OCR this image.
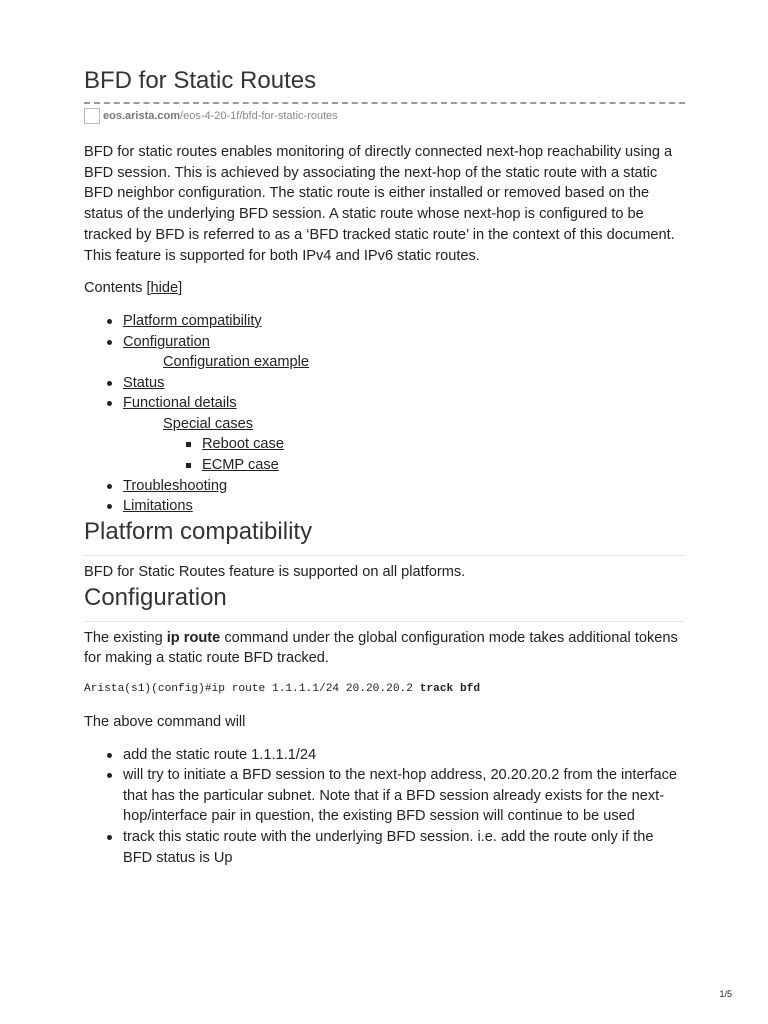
BFD for Static Routes
eos.arista.com /eos-4-20-1f/bfd-for-static-routes

BFD for static routes enables monitoring of directly connected next-hop reachability using a BFD session. This is achieved by associating the next-hop of the static route with a static BFD neighbor configuration. The static route is either installed or removed based on the status of the underlying BFD session. A static route whose next-hop is configured to be tracked by BFD is referred to as a ‘BFD tracked static route’ in the context of this document. This feature is supported for both IPv4 and IPv6 static routes.

Contents [hide]
Platform compatibility
Configuration
Configuration example
Status
Functional details
Special cases
Reboot case
ECMP case
Troubleshooting
Limitations
Platform compatibility

BFD for Static Routes feature is supported on all platforms.

Configuration

The existing ip route command under the global configuration mode takes additional tokens for making a static route BFD tracked.

Arista(s1)(config)#ip route 1.1.1.1/24 20.20.20.2 track bfd

The above command will

add the static route 1.1.1.1/24
will try to initiate a BFD session to the next-hop address, 20.20.20.2 from the interface that has the particular subnet. Note that if a BFD session already exists for the next-hop/interface pair in question, the existing BFD session will continue to be used
track this static route with the underlying BFD session. i.e. add the route only if the BFD status is Up
1/5
